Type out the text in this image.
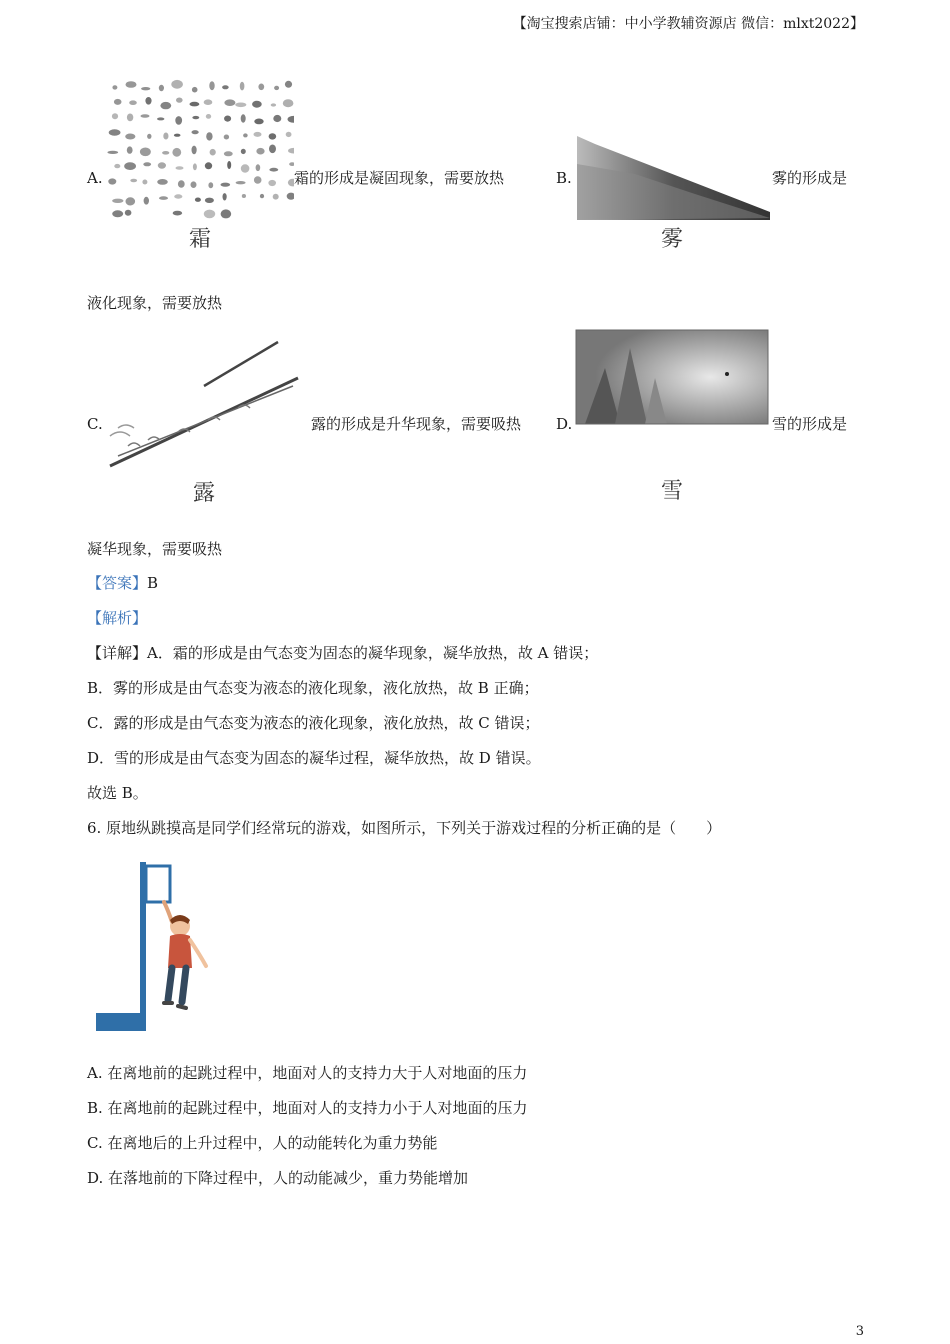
【淘宝搜索店铺：中小学教辅资源店 微信：mlxt2022】
霜
A.	霜的形成是凝固现象，需要放热
雾
B.	雾的形成是
液化现象，需要放热
露
C.	露的形成是升华现象，需要吸热
雪
D.	雪的形成是
凝华现象，需要吸热
【答案】B
【解析】
【详解】A．霜的形成是由气态变为固态的凝华现象，凝华放热，故 A 错误；
B．雾的形成是由气态变为液态的液化现象，液化放热，故 B 正确；
C．露的形成是由气态变为液态的液化现象，液化放热，故 C 错误；
D．雪的形成是由气态变为固态的凝华过程，凝华放热，故 D 错误。
故选 B。
6. 原地纵跳摸高是同学们经常玩的游戏，如图所示，下列关于游戏过程的分析正确的是（　　）
A. 在离地前的起跳过程中，地面对人的支持力大于人对地面的压力
B. 在离地前的起跳过程中，地面对人的支持力小于人对地面的压力
C. 在离地后的上升过程中，人的动能转化为重力势能
D. 在落地前的下降过程中，人的动能减少，重力势能增加
3
